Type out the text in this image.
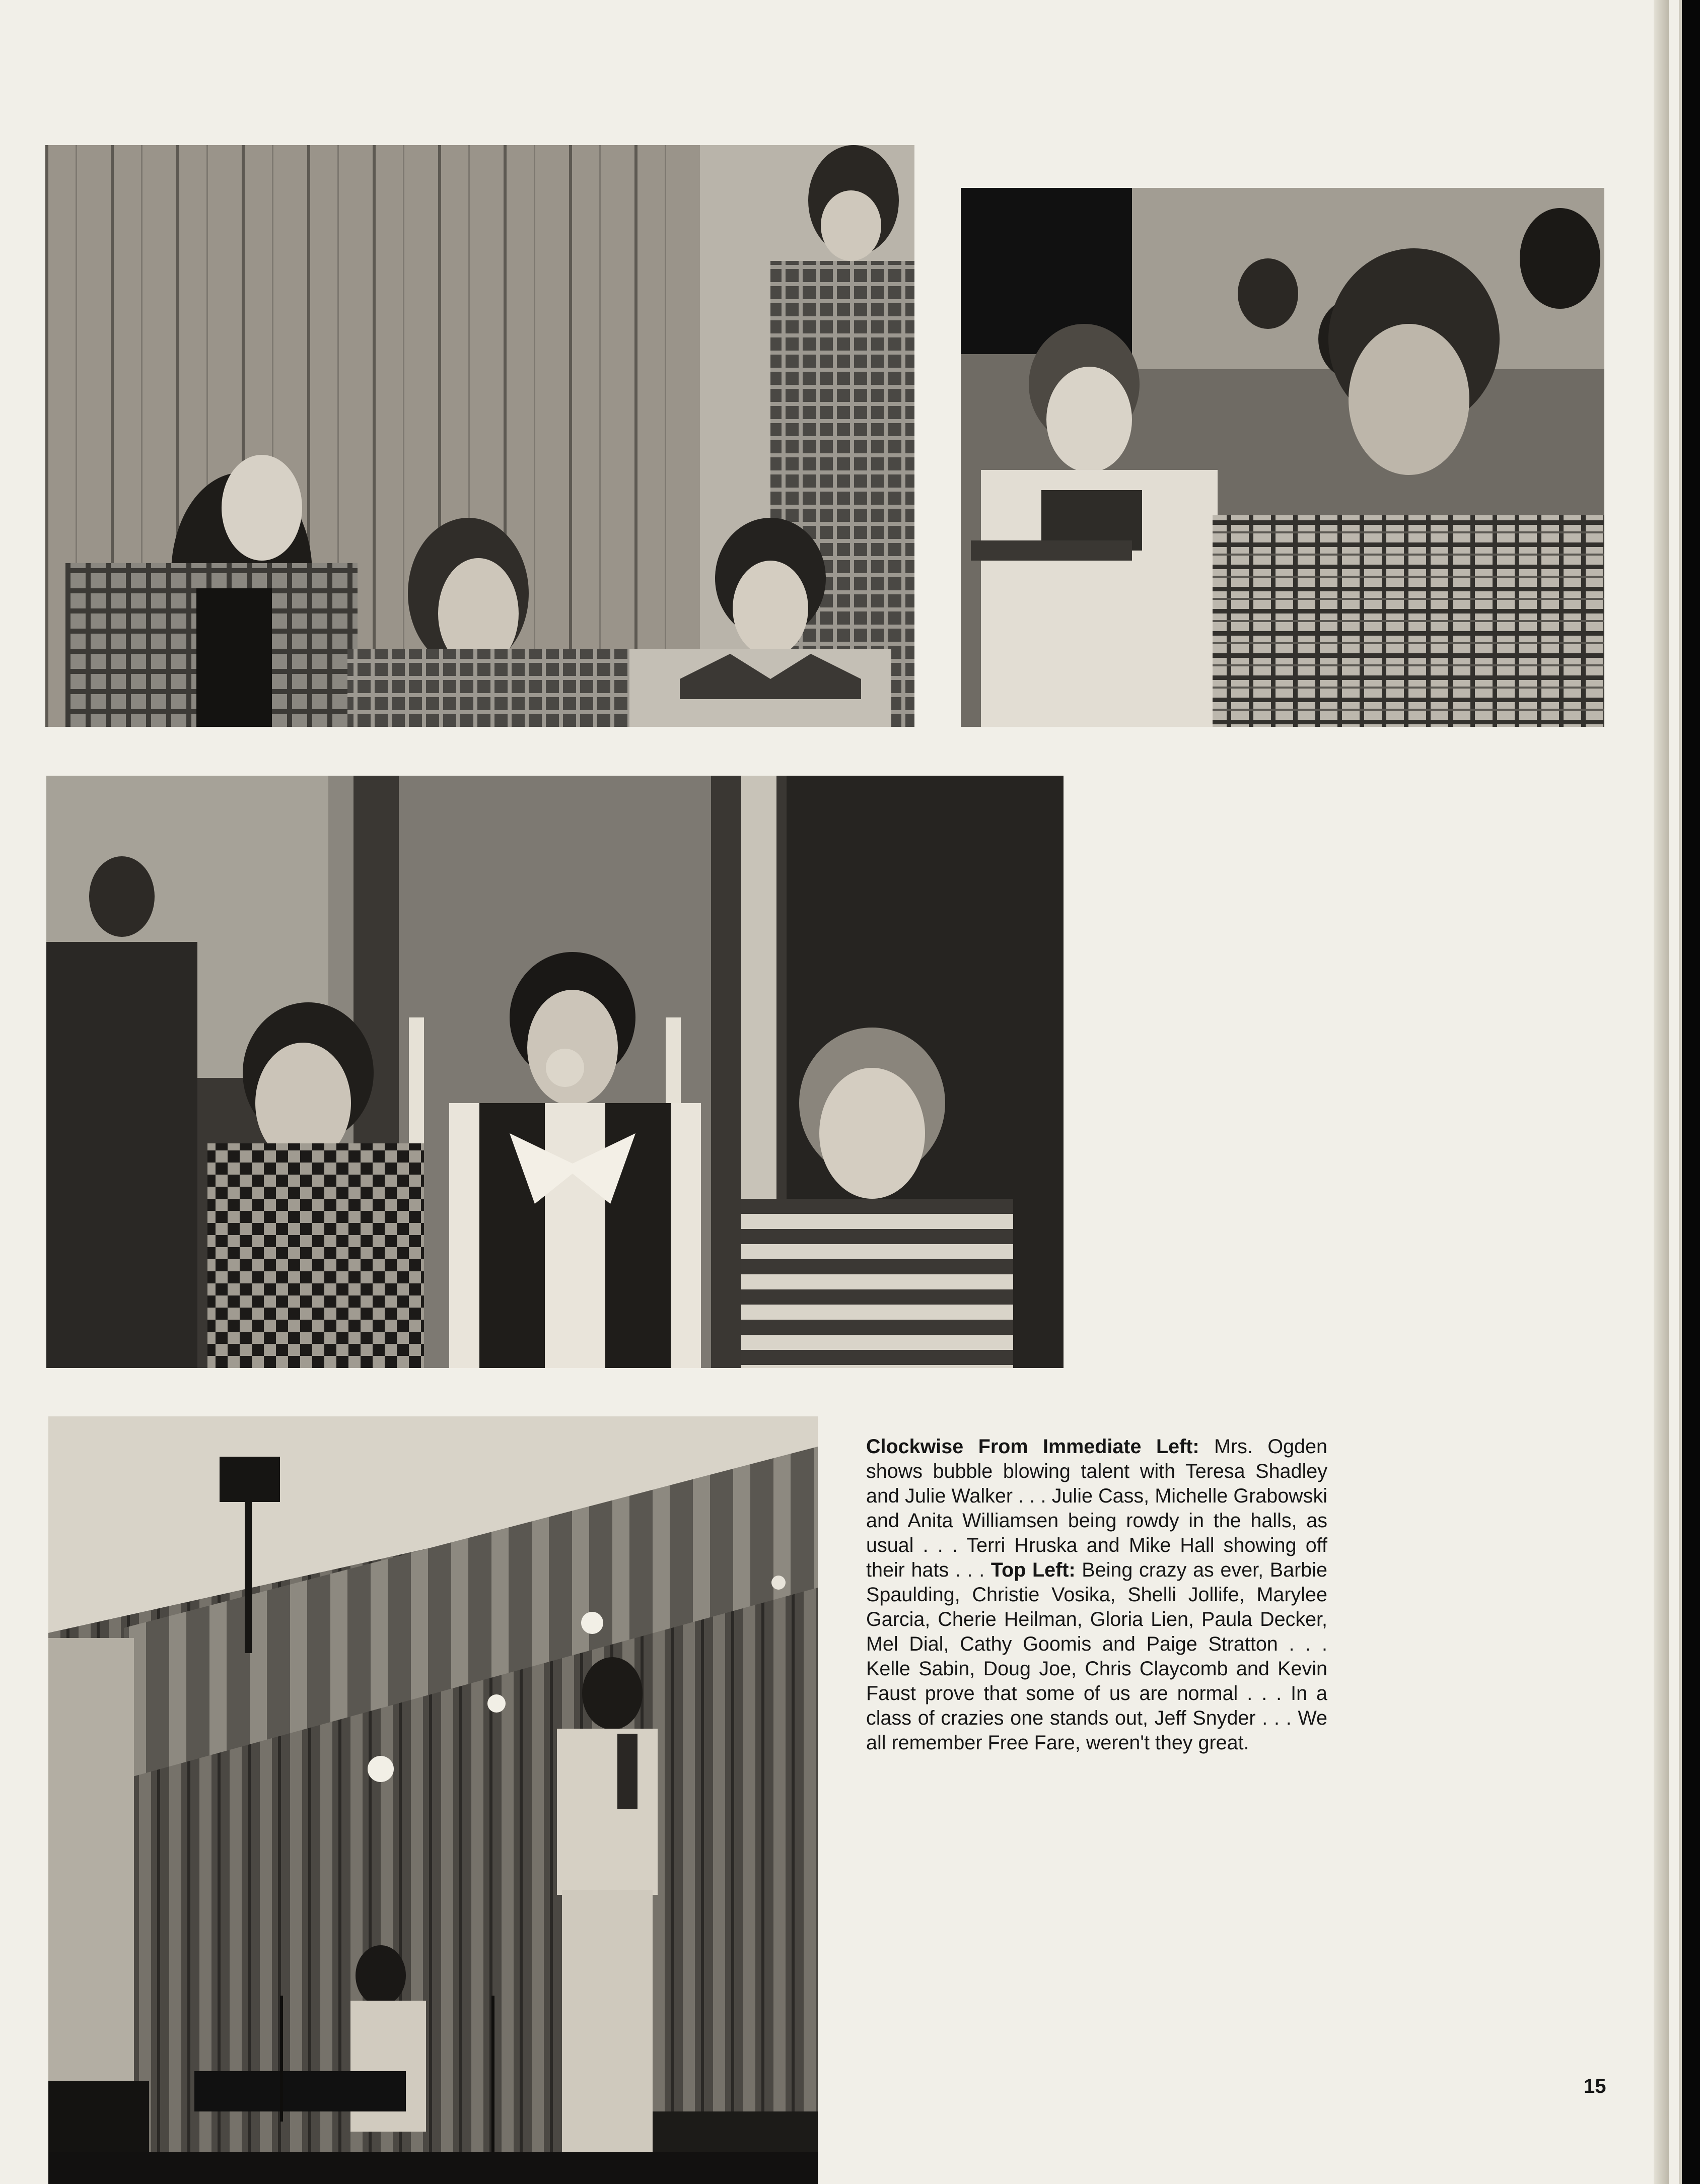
Clockwise From Immediate Left: Mrs. Ogden shows bubble blowing talent with Teresa Shadley and Julie Walker . . . Julie Cass, Michelle Grabowski and Anita Williamsen being rowdy in the halls, as usual . . . Terri Hruska and Mike Hall showing off their hats . . . Top Left: Being crazy as ever, Barbie Spaulding, Christie Vosika, Shelli Jollife, Marylee Garcia, Cherie Heilman, Gloria Lien, Paula Decker, Mel Dial, Cathy Goomis and Paige Stratton . . . Kelle Sabin, Doug Joe, Chris Claycomb and Kevin Faust prove that some of us are normal . . . In a class of crazies one stands out, Jeff Snyder . . . We all remember Free Fare, weren't they great.
15
